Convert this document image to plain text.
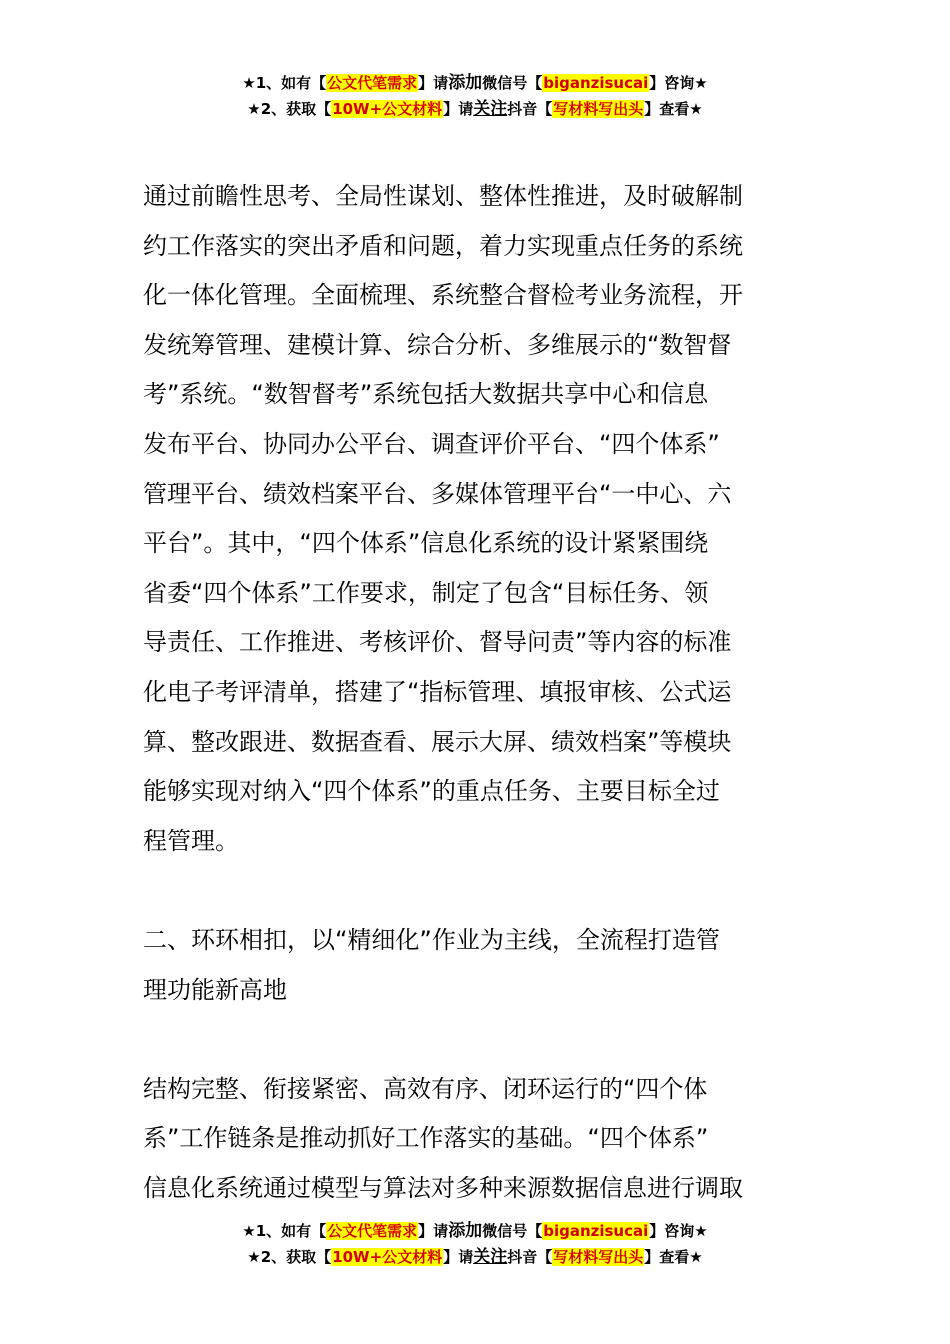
★1、如有【公文代笔需求】请添加微信号【biganzisucai】咨询★
★2、获取【10W+公文材料】请关注抖音【写材料写出头】查看★

通过前瞻性思考、全局性谋划、整体性推进，及时破解制

约工作落实的突出矛盾和问题，着力实现重点任务的系统

化一体化管理。全面梳理、系统整合督检考业务流程，开

发统筹管理、建模计算、综合分析、多维展示的“数智督

考”系统。“数智督考”系统包括大数据共享中心和信息

发布平台、协同办公平台、调查评价平台、“四个体系”

管理平台、绩效档案平台、多媒体管理平台“一中心、六

平台”。其中，“四个体系”信息化系统的设计紧紧围绕

省委“四个体系”工作要求，制定了包含“目标任务、领

导责任、工作推进、考核评价、督导问责”等内容的标准

化电子考评清单，搭建了“指标管理、填报审核、公式运

算、整改跟进、数据查看、展示大屏、绩效档案”等模块

能够实现对纳入“四个体系”的重点任务、主要目标全过

程管理。

二、环环相扣，以“精细化”作业为主线，全流程打造管

理功能新高地

结构完整、衔接紧密、高效有序、闭环运行的“四个体

系”工作链条是推动抓好工作落实的基础。“四个体系”

信息化系统通过模型与算法对多种来源数据信息进行调取

★1、如有【公文代笔需求】请添加微信号【biganzisucai】咨询★
★2、获取【10W+公文材料】请关注抖音【写材料写出头】查看★
